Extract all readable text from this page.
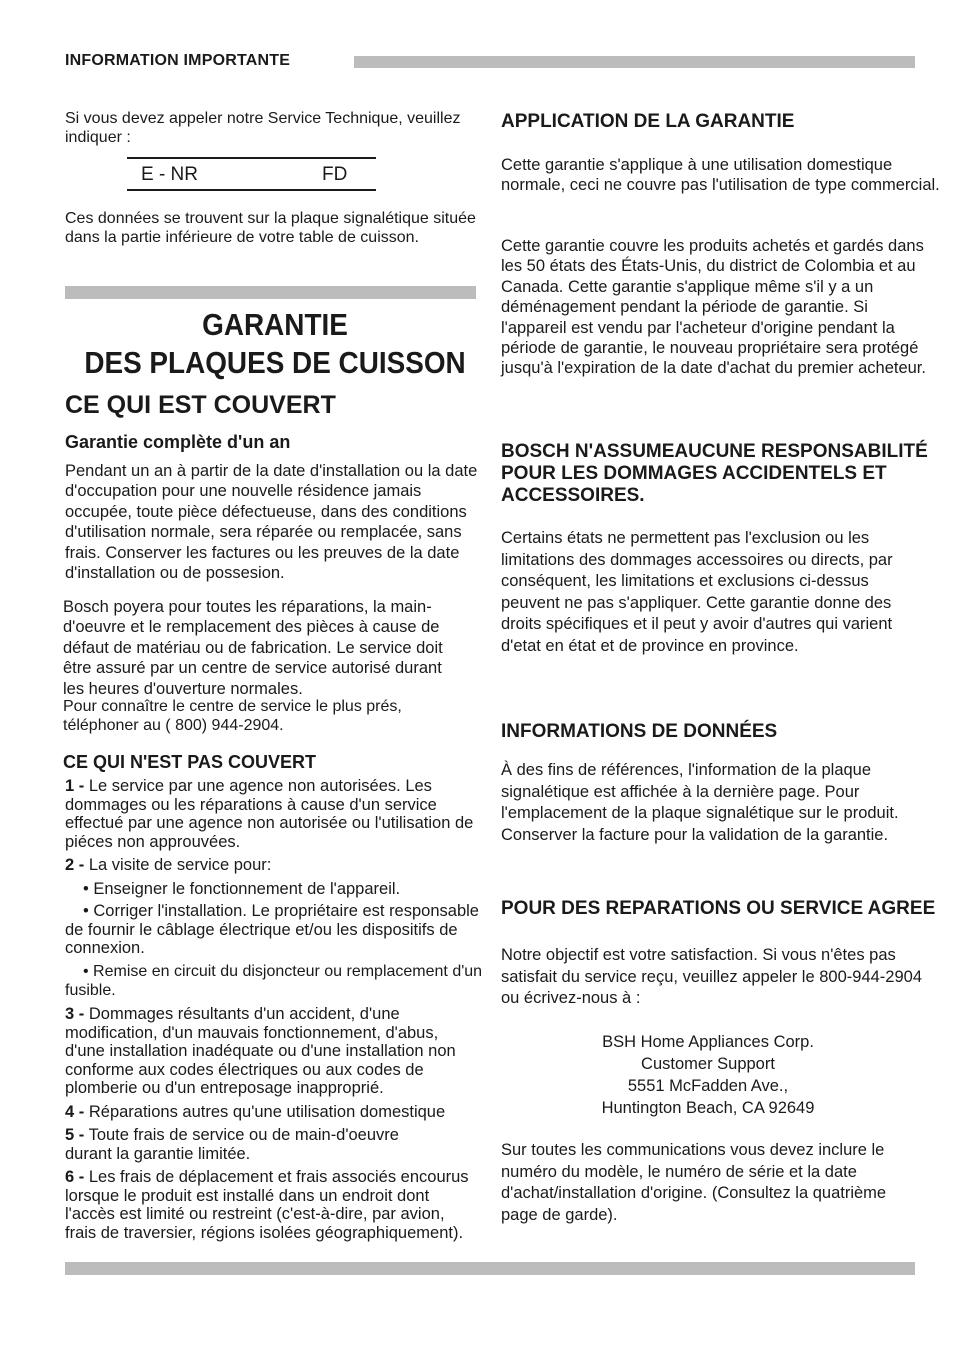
INFORMATION IMPORTANTE
Si vous devez appeler notre Service Technique, veuillez indiquer :
E - NR	FD
Ces données se trouvent sur la plaque signalétique située dans la partie inférieure de votre table de cuisson.
GARANTIE
DES PLAQUES DE CUISSON
CE QUI EST COUVERT
Garantie complète d'un an
Pendant un an à partir de la date d'installation ou la date d'occupation pour une nouvelle résidence jamais occupée, toute pièce défectueuse, dans des conditions d'utilisation normale, sera réparée ou remplacée, sans frais. Conserver les factures ou les preuves de la date d'installation ou de possesion.
Bosch poyera pour toutes les réparations, la main-d'oeuvre et le remplacement des pièces à cause de défaut de matériau ou de fabrication. Le service doit être assuré par un centre de service autorisé durant les heures d'ouverture normales.
Pour connaître le centre de service le plus prés, téléphoner au ( 800) 944-2904.
CE QUI N'EST PAS COUVERT
1 - Le service par une agence non autorisées. Les dommages ou les réparations à cause d'un service effectué par une agence non autorisée ou l'utilisation de piéces non approuvées.
2 - La visite de service pour:
• Enseigner le fonctionnement de l'appareil.
• Corriger l'installation. Le propriétaire est responsable de fournir le câblage électrique et/ou les dispositifs de connexion.
• Remise en circuit du disjoncteur ou remplacement d'un fusible.
3 - Dommages résultants d'un accident, d'une modification, d'un mauvais fonctionnement, d'abus, d'une installation inadéquate ou d'une installation non conforme aux codes électriques ou aux codes de plomberie ou d'un entreposage inapproprié.
4 - Réparations autres qu'une utilisation domestique
5 - Toute frais de service ou de main-d'oeuvre durant la garantie limitée.
6 - Les frais de déplacement et frais associés encourus lorsque le produit est installé dans un endroit dont l'accès est limité ou restreint (c'est-à-dire, par avion, frais de traversier, régions isolées géographiquement).
APPLICATION DE LA GARANTIE
Cette garantie s'applique à une utilisation domestique normale, ceci ne couvre pas l'utilisation de type commercial.
Cette garantie couvre les produits achetés et gardés dans les 50 états des États-Unis, du district de Colombia et au Canada. Cette garantie s'applique même s'il y a un déménagement pendant la période de garantie. Si l'appareil est vendu par l'acheteur d'origine pendant la période de garantie, le nouveau propriétaire sera protégé jusqu'à l'expiration de la date d'achat du premier acheteur.
BOSCH N'ASSUMEAUCUNE RESPONSABILITÉ POUR LES DOMMAGES ACCIDENTELS ET ACCESSOIRES.
Certains états ne permettent pas l'exclusion ou les limitations des dommages accessoires ou directs, par conséquent, les limitations et exclusions ci-dessus peuvent ne pas s'appliquer. Cette garantie donne des droits spécifiques et il peut y avoir d'autres qui varient d'etat en état et de province en province.
INFORMATIONS DE DONNÉES
À des fins de références, l'information de la plaque signalétique est affichée à la dernière page. Pour l'emplacement de la plaque signalétique sur le produit. Conserver la facture pour la validation de la garantie.
POUR DES REPARATIONS OU SERVICE AGREE
Notre objectif est votre satisfaction. Si vous n'êtes pas satisfait du service reçu, veuillez appeler le 800-944-2904 ou écrivez-nous à :
BSH Home Appliances Corp.
Customer Support
5551 McFadden Ave.,
Huntington Beach, CA 92649
Sur toutes les communications vous devez inclure le numéro du modèle, le numéro de série et la date d'achat/installation d'origine. (Consultez la quatrième page de garde).
